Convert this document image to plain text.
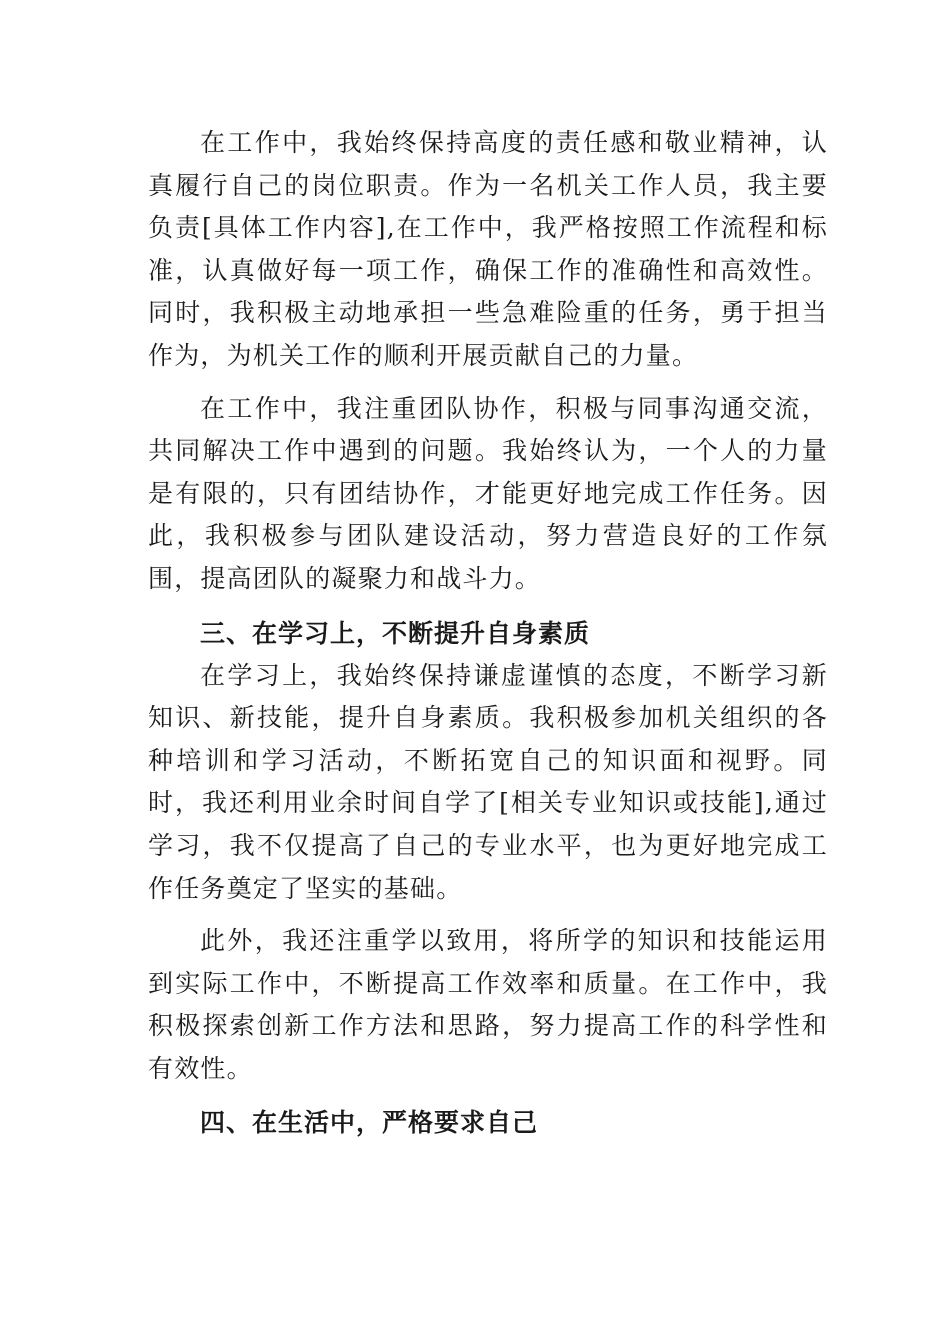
在工作中，我始终保持高度的责任感和敬业精神，认真履行自己的岗位职责。作为一名机关工作人员，我主要负责[具体工作内容],在工作中，我严格按照工作流程和标准，认真做好每一项工作，确保工作的准确性和高效性。同时，我积极主动地承担一些急难险重的任务，勇于担当作为，为机关工作的顺利开展贡献自己的力量。

在工作中，我注重团队协作，积极与同事沟通交流，共同解决工作中遇到的问题。我始终认为，一个人的力量是有限的，只有团结协作，才能更好地完成工作任务。因此，我积极参与团队建设活动，努力营造良好的工作氛围，提高团队的凝聚力和战斗力。

三、在学习上，不断提升自身素质

在学习上，我始终保持谦虚谨慎的态度，不断学习新知识、新技能，提升自身素质。我积极参加机关组织的各种培训和学习活动，不断拓宽自己的知识面和视野。同时，我还利用业余时间自学了[相关专业知识或技能],通过学习，我不仅提高了自己的专业水平，也为更好地完成工作任务奠定了坚实的基础。

此外，我还注重学以致用，将所学的知识和技能运用到实际工作中，不断提高工作效率和质量。在工作中，我积极探索创新工作方法和思路，努力提高工作的科学性和有效性。

四、在生活中，严格要求自己
